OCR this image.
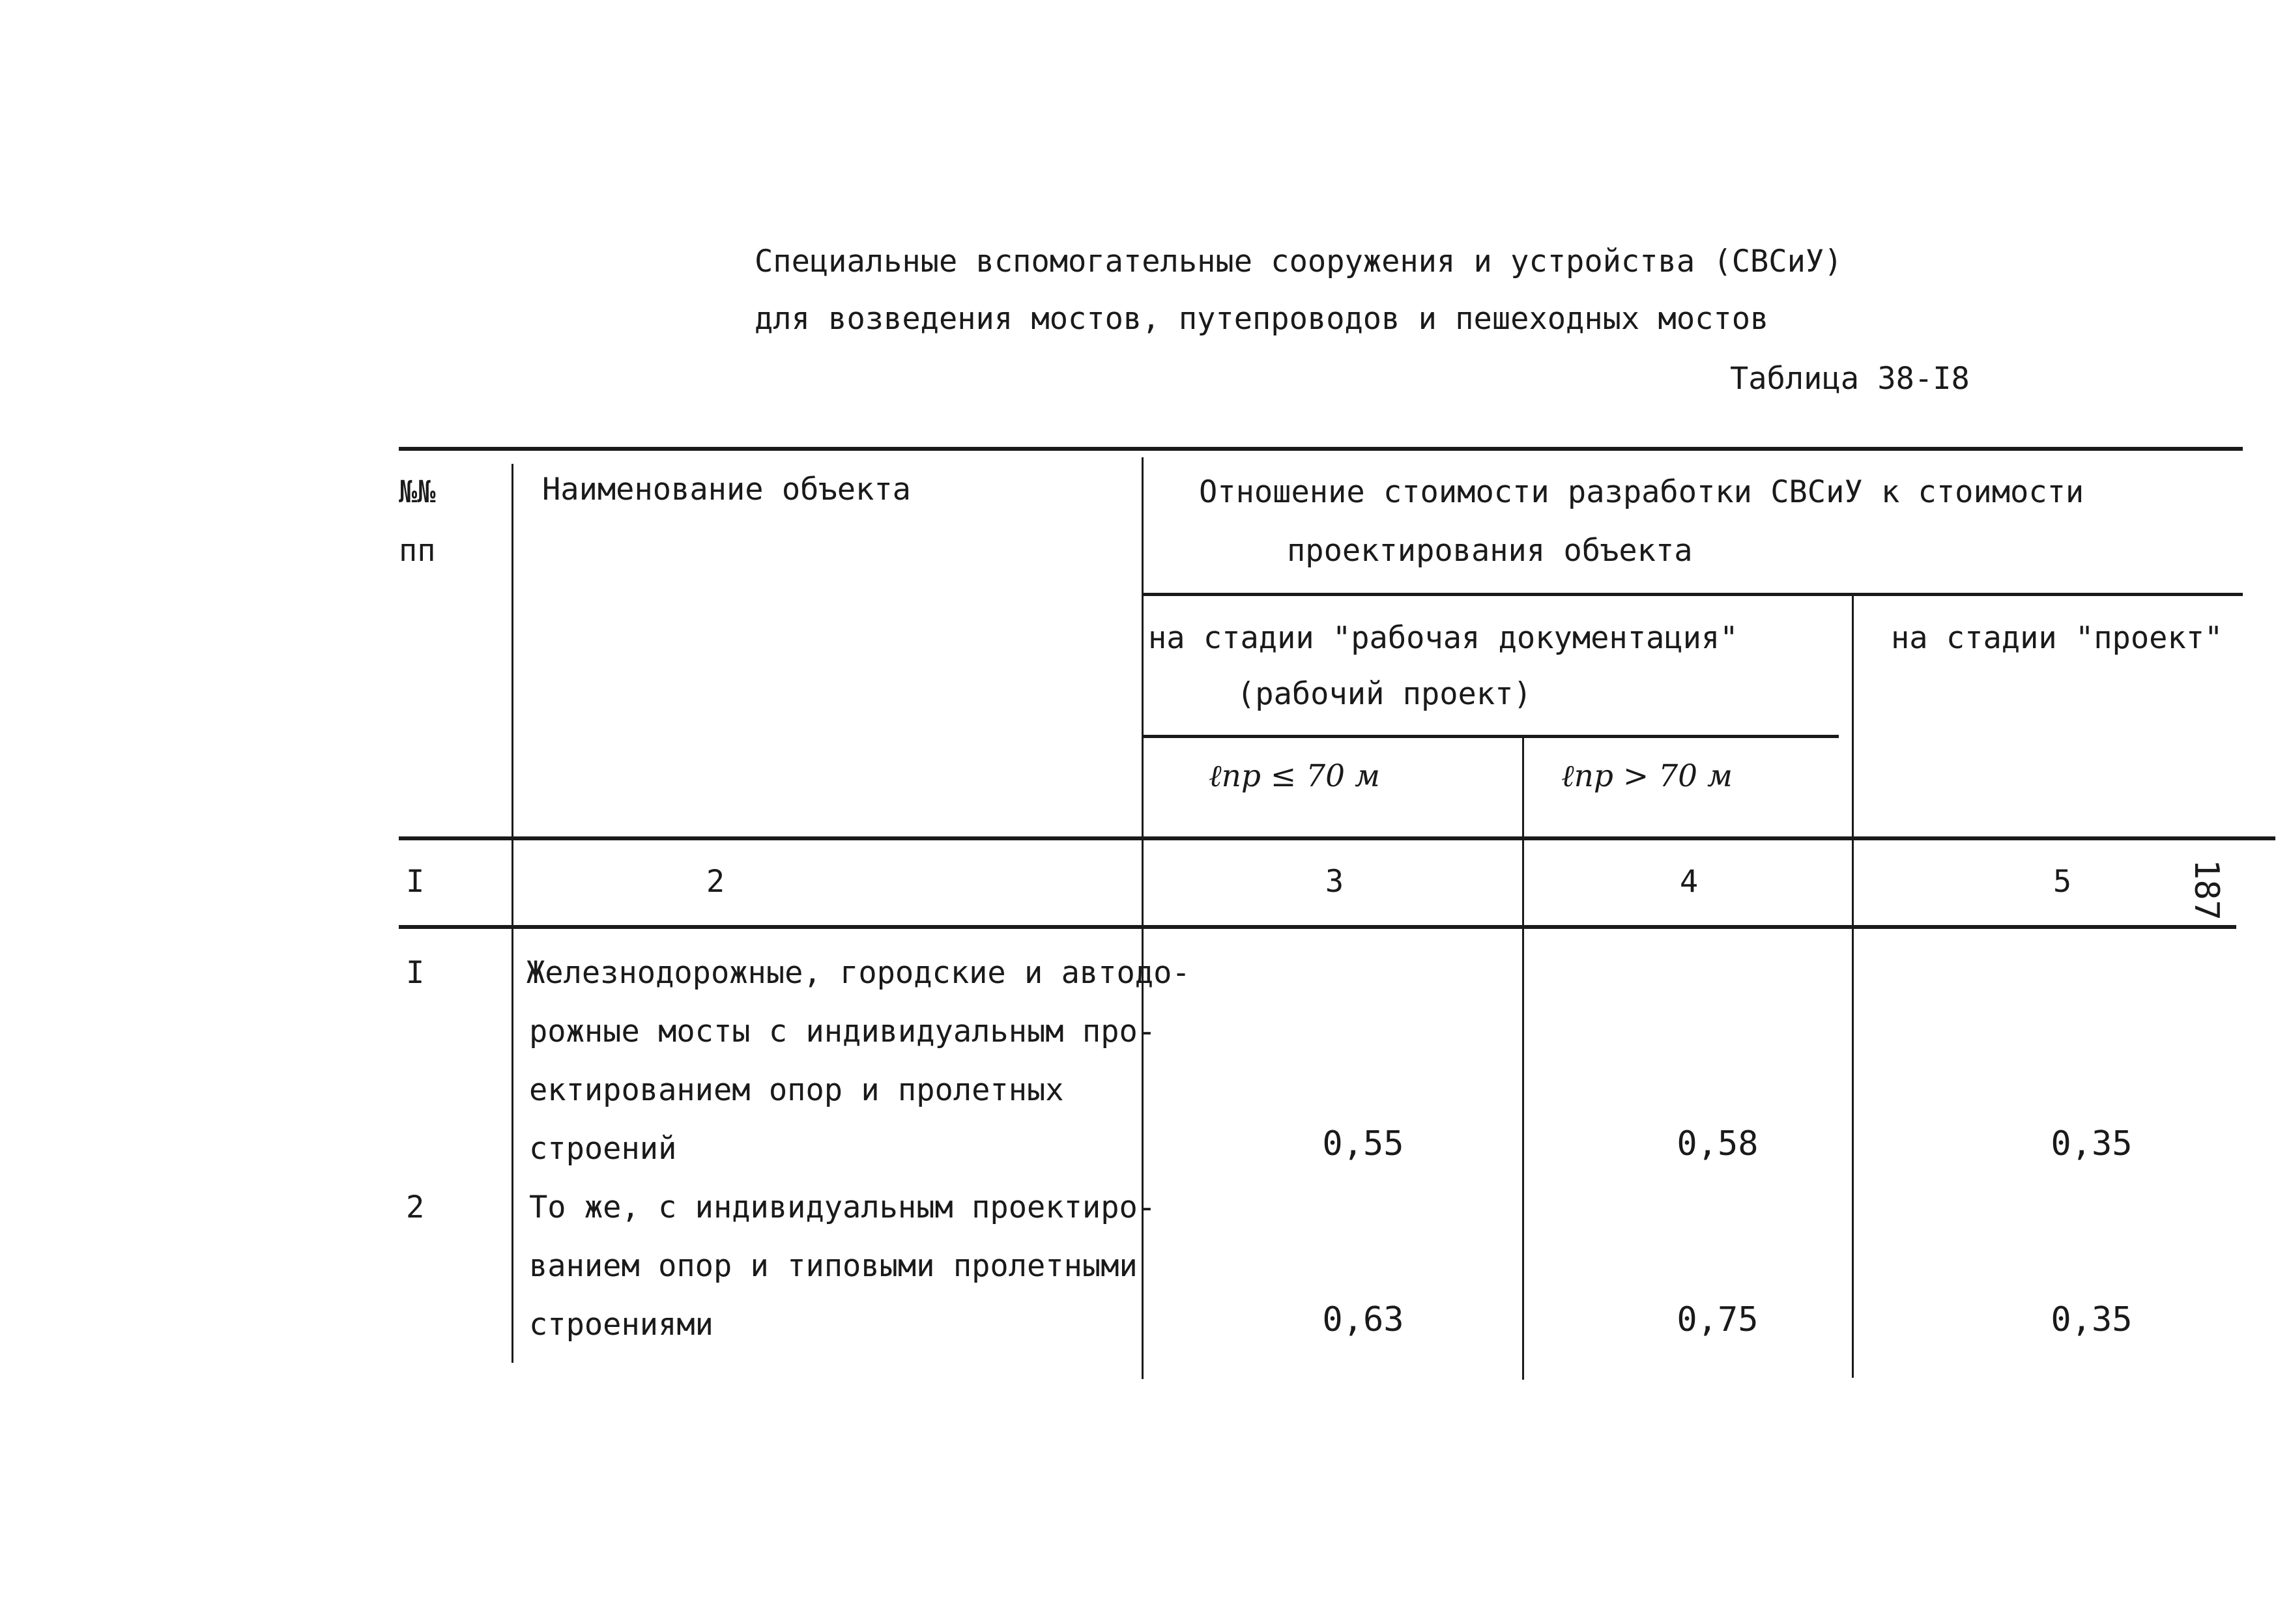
Специальные вспомогательные сооружения и устройства (СВСиУ)
для возведения мостов, путепроводов и пешеходных мостов
Таблица 38-I8
№№
пп
Наименование объекта	Отношение стоимости разработки СВСиУ к стоимости
проектирования объекта
на стадии "рабочая документация"
(рабочий проект)
на стадии "проект"
ℓпр ≤ 70 м	ℓпр > 70 м
I	2	3	4	5
I	Железнодорожные, городские и автодо-
рожные мосты с индивидуальным про-
ектированием опор и пролетных
строений	0,55	0,58	0,35
2	То же, с индивидуальным проектиро-
ванием опор и типовыми пролетными
строениями	0,63	0,75	0,35
187
